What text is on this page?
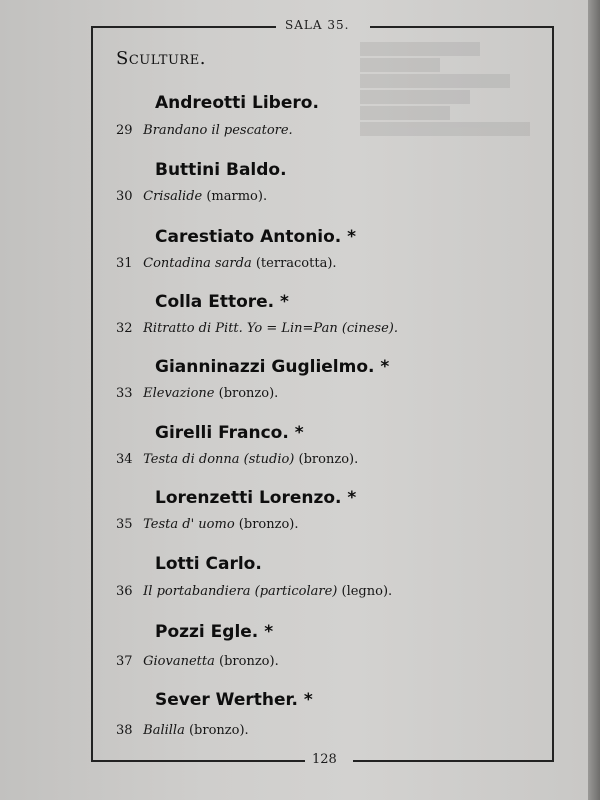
SALA 35.
Sculture.
Andreotti Libero.
29 Brandano il pescatore.
Buttini Baldo.
30 Crisalide (marmo).
Carestiato Antonio. *
31 Contadina sarda (terracotta).
Colla Ettore. *
32 Ritratto di Pitt. Yo = Lin=Pan (cinese).
Gianninazzi Guglielmo. *
33 Elevazione (bronzo).
Girelli Franco. *
34 Testa di donna (studio) (bronzo).
Lorenzetti Lorenzo. *
35 Testa d' uomo (bronzo).
Lotti Carlo.
36 Il portabandiera (particolare) (legno).
Pozzi Egle. *
37 Giovanetta (bronzo).
Sever Werther. *
38 Balilla (bronzo).
128
